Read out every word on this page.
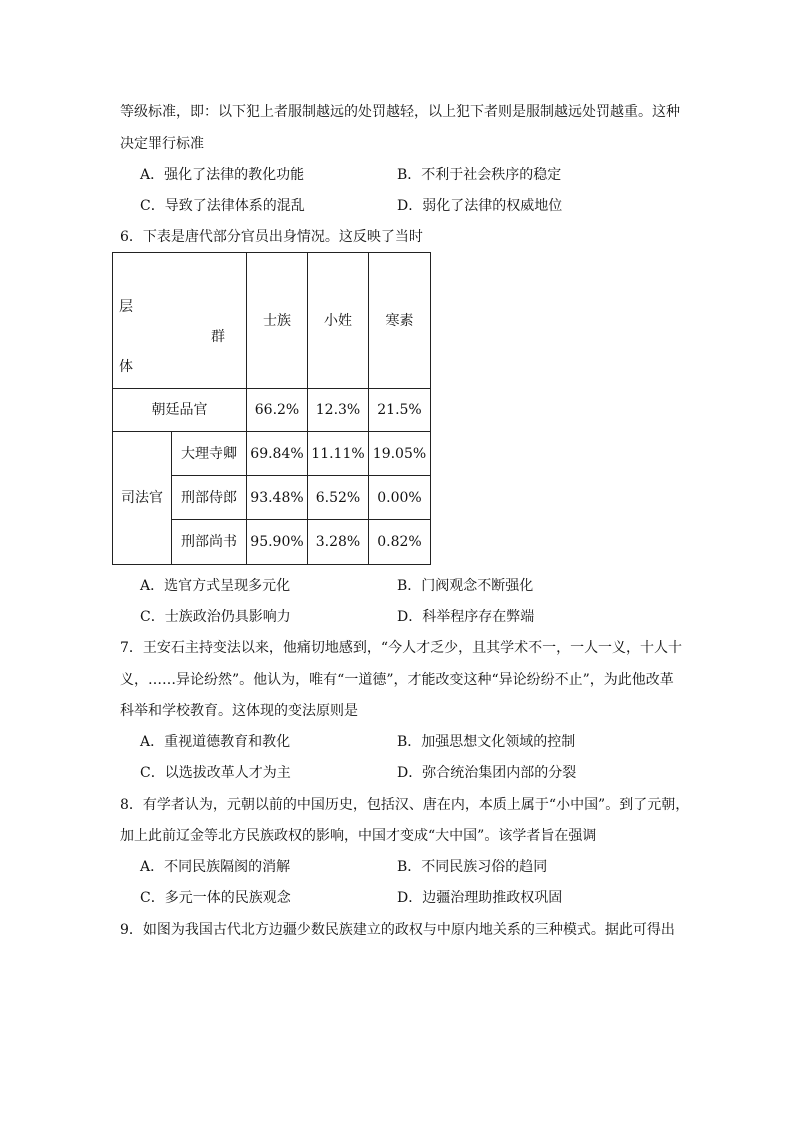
等级标准，即：以下犯上者服制越远的处罚越轻，以上犯下者则是服制越远处罚越重。这种
决定罪行标准
A．强化了法律的教化功能	B．不利于社会秩序的稳定
C．导致了法律体系的混乱	D．弱化了法律的权威地位
6．下表是唐代部分官员出身情况。这反映了当时
层
群
体		士族	小姓	寒素
朝廷品官		66.2%	12.3%	21.5%
司法官	大理寺卿	69.84%	11.11%	19.05%
	刑部侍郎	93.48%	6.52%	0.00%
	刑部尚书	95.90%	3.28%	0.82%
A．选官方式呈现多元化	B．门阀观念不断强化
C．士族政治仍具影响力	D．科举程序存在弊端
7．王安石主持变法以来，他痛切地感到，“今人才乏少，且其学术不一，一人一义，十人十
义，……异论纷然”。他认为，唯有“一道德”，才能改变这种“异论纷纷不止”，为此他改革
科举和学校教育。这体现的变法原则是
A．重视道德教育和教化	B．加强思想文化领域的控制
C．以选拔改革人才为主	D．弥合统治集团内部的分裂
8．有学者认为，元朝以前的中国历史，包括汉、唐在内，本质上属于“小中国”。到了元朝，
加上此前辽金等北方民族政权的影响，中国才变成“大中国”。该学者旨在强调
A．不同民族隔阂的消解	B．不同民族习俗的趋同
C．多元一体的民族观念	D．边疆治理助推政权巩固
9．如图为我国古代北方边疆少数民族建立的政权与中原内地关系的三种模式。据此可得出
